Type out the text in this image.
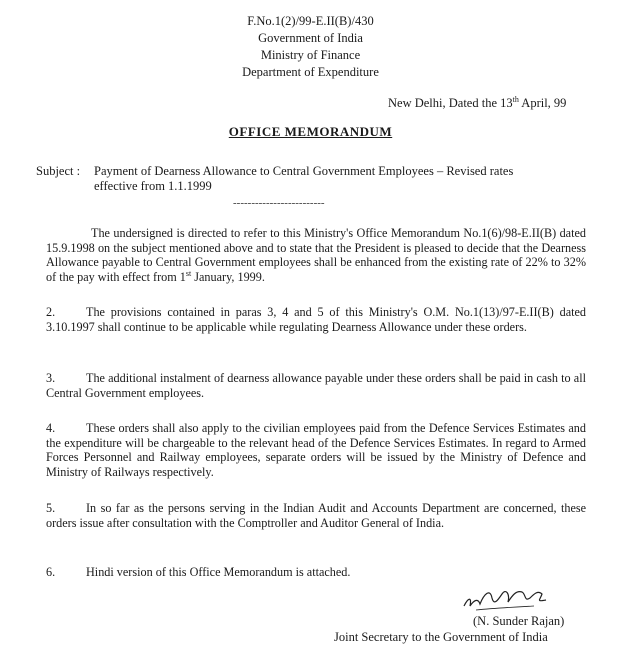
F.No.1(2)/99-E.II(B)/430
Government of India
Ministry of Finance
Department of Expenditure
New Delhi, Dated the 13th April, 99
OFFICE MEMORANDUM
Subject : Payment of Dearness Allowance to Central Government Employees – Revised rates effective from 1.1.1999
-------------------------
The undersigned is directed to refer to this Ministry's Office Memorandum No.1(6)/98-E.II(B) dated 15.9.1998 on the subject mentioned above and to state that the President is pleased to decide that the Dearness Allowance payable to Central Government employees shall be enhanced from the existing rate of 22% to 32% of the pay with effect from 1st January, 1999.
2.	The provisions contained in paras 3, 4 and 5 of this Ministry's O.M. No.1(13)/97-E.II(B) dated 3.10.1997 shall continue to be applicable while regulating Dearness Allowance under these orders.
3.	The additional instalment of dearness allowance payable under these orders shall be paid in cash to all Central Government employees.
4.	These orders shall also apply to the civilian employees paid from the Defence Services Estimates and the expenditure will be chargeable to the relevant head of the Defence Services Estimates. In regard to Armed Forces Personnel and Railway employees, separate orders will be issued by the Ministry of Defence and Ministry of Railways respectively.
5.	In so far as the persons serving in the Indian Audit and Accounts Department are concerned, these orders issue after consultation with the Comptroller and Auditor General of India.
6.	Hindi version of this Office Memorandum is attached.
(N. Sunder Rajan)
Joint Secretary to the Government of India
